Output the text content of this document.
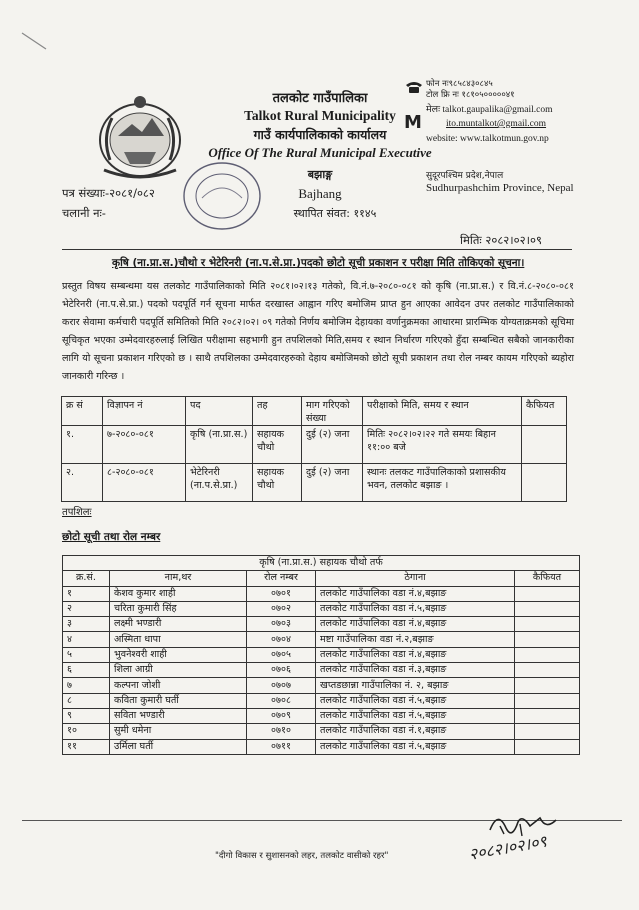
तलकोट गाउँपालिका
Talkot Rural Municipality
गाउँ कार्यपालिकाको कार्यालय
Office Of The Rural Municipal Executive
बझाङ्ग
Bajhang
स्थापित संवत: ११४५
पत्र संख्याः-२०८१/०८२
चलानी नः-
M
फोन नः९८५८४३०८४५
टोल फ्रि नः १८१०५०००००४१
मेलः talkot.gaupalika@gmail.com
ito.muntalkot@gmail.com
website: www.talkotmun.gov.np
सुदूरपश्चिम प्रदेश,नेपाल
Sudhurpashchim Province, Nepal
मितिः २०८२।०२।०९
कृषि (ना.प्रा.स.)चौथो र भेटेरिनरी (ना.प.से.प्रा.)पदको छोटो सूची प्रकाशन र परीक्षा मिति तोकिएको सूचना।
प्रस्तुत विषय सम्बन्धमा यस तलकोट गाउँपालिकाको मिति २०८१।०२।१३ गतेको, वि.नं.७-२०८०-०८१ को कृषि (ना.प्रा.स.) र वि.नं.८-२०८०-०८१ भेटेरिनरी (ना.प.से.प्रा.) पदको पदपूर्ति गर्न सूचना मार्फत दरखास्त आह्वान गरिए बमोजिम प्राप्त हुन आएका आवेदन उपर तलकोट गाउँपालिकाको करार सेवामा कर्मचारी पदपूर्ति समितिको मिति २०८२।०२। ०९ गतेको निर्णय बमोजिम देहायका वर्णानुक्रमका आधारमा प्रारम्भिक योग्यताक्रमको सूचिमा सूचिकृत भएका उम्मेदवारहरुलाई लिखित परीक्षामा सहभागी हुन तपशिलको मिति,समय र स्थान निर्धारण गरिएको हुँदा सम्बन्धित सबैको जानकारीका लागि यो सूचना प्रकाशन गरिएको छ । साथै तपशिलका उम्मेदवारहरुको देहाय बमोजिमको छोटो सूची प्रकाशन तथा रोल नम्बर कायम गरिएको ब्यहोरा जानकारी गरिन्छ ।
क्र सं	विज्ञापन नं	पद	तह	माग गरिएको संख्या	परीक्षाको मिति, समय र स्थान	कैफियत
१.	७-२०८०-०८१	कृषि (ना.प्रा.स.)	सहायक चौथो	दुई (२) जना	मितिः २०८२।०२।२२ गते समयः बिहान ११:०० बजे	
२.	८-२०८०-०८१	भेटेरिनरी (ना.प.से.प्रा.)	सहायक चौथो	दुई (२) जना	स्थानः तलकट गाउँपालिकाको प्रशासकीय भवन, तलकोट बझाङ ।	
तपशिलः
छोटो सूची तथा रोल नम्बर
कृषि (ना.प्रा.स.) सहायक चौथो तर्फ				
क्र.सं.	नाम,थर	रोल नम्बर	ठेगाना	कैफियत
१	केशव कुमार शाही	०७०१	तलकोट गाउँपालिका वडा नं.४,बझाङ	
२	चरिता कुमारी सिंह	०७०२	तलकोट गाउँपालिका वडा नं.५,बझाङ	
३	लक्ष्मी भण्डारी	०७०३	तलकोट गाउँपालिका वडा नं.४,बझाङ	
४	अस्मिता धापा	०७०४	मष्टा गाउँपालिका वडा नं.२,बझाङ	
५	भुवनेश्वरी शाही	०७०५	तलकोट गाउँपालिका वडा नं.४,बझाङ	
६	शिला आग्री	०७०६	तलकोट गाउँपालिका वडा नं.३,बझाङ	
७	कल्पना जोशी	०७०७	खप्तडछान्ना गाउँपालिका नं. २, बझाङ	
८	कविता कुमारी घर्ती	०७०८	तलकोट गाउँपालिका वडा नं.५,बझाङ	
९	सविता भण्डारी	०७०९	तलकोट गाउँपालिका वडा नं.५,बझाङ	
१०	सुमी धमेना	०७१०	तलकोट गाउँपालिका वडा नं.१,बझाङ	
११	उर्मिला घर्ती	०७११	तलकोट गाउँपालिका वडा नं.५,बझाङ	
"दीगो विकास र सुशासनको लहर, तलकोट वासीको रहर"	२०८२।०२।०९
